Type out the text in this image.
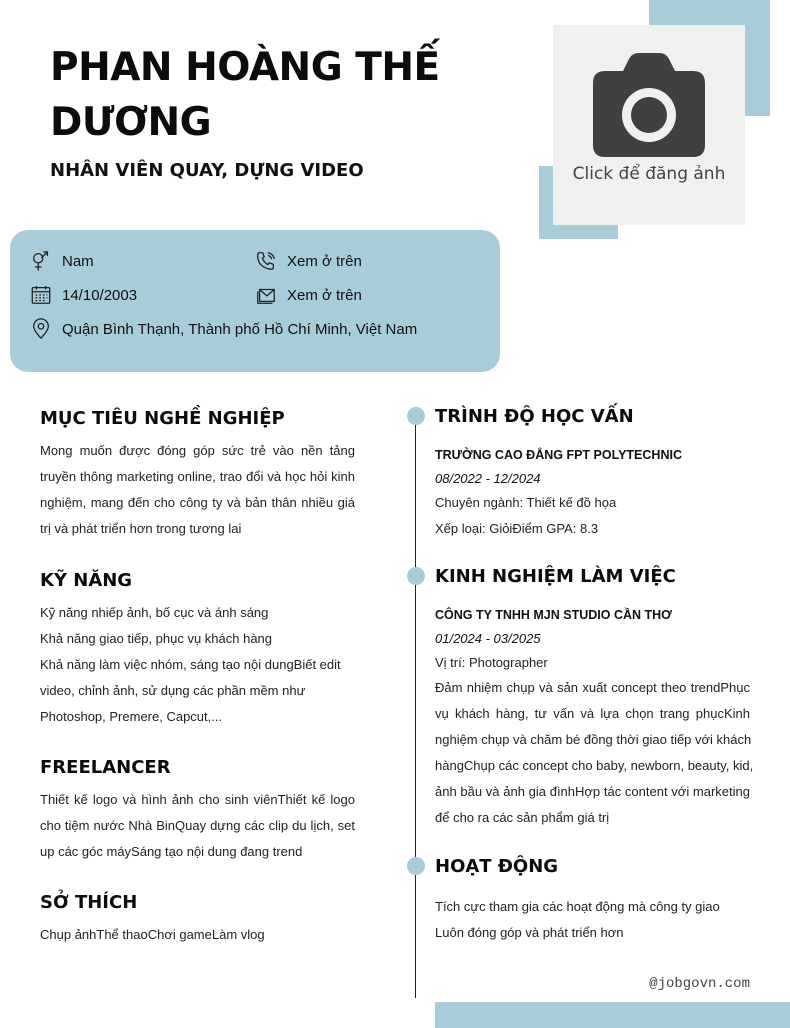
Click để đăng ảnh
PHAN HOÀNG THẾ
DƯƠNG
NHÂN VIÊN QUAY, DỰNG VIDEO
Nam	Xem ở trên
14/10/2003	Xem ở trên
Quận Bình Thạnh, Thành phố Hồ Chí Minh, Việt Nam
MỤC TIÊU NGHỀ NGHIỆP
Mong muốn được đóng góp sức trẻ vào nền tảng
truyền thông marketing online, trao đổi và học hỏi kinh
nghiệm, mang đến cho công ty và bản thân nhiều giá
trị và phát triển hơn trong tương lai
KỸ NĂNG
Kỹ năng nhiếp ảnh, bố cục và ánh sáng
Khả năng giao tiếp, phục vụ khách hàng
Khả năng làm việc nhóm, sáng tạo nội dungBiết edit
video, chỉnh ảnh, sử dụng các phần mềm như
Photoshop, Premere, Capcut,...
FREELANCER
Thiết kế logo và hình ảnh cho sinh viênThiết kế logo
cho tiệm nước Nhà BinQuay dựng các clip du lịch, set
up các góc máySáng tạo nội dung đang trend
SỞ THÍCH
Chụp ảnhThể thaoChơi gameLàm vlog
TRÌNH ĐỘ HỌC VẤN
TRƯỜNG CAO ĐẲNG FPT POLYTECHNIC
08/2022 - 12/2024
Chuyên ngành: Thiết kế đồ họa
Xếp loại: GiỏiĐiểm GPA: 8.3
KINH NGHIỆM LÀM VIỆC
CÔNG TY TNHH MJN STUDIO CẦN THƠ
01/2024 - 03/2025
Vị trí: Photographer
Đảm nhiệm chụp và sản xuất concept theo trendPhục
vụ khách hàng, tư vấn và lựa chọn trang phụcKinh
nghiệm chụp và chăm bé đồng thời giao tiếp với khách
hàngChụp các concept cho baby, newborn, beauty, kid,
ảnh bầu và ảnh gia đìnhHợp tác content với marketing
để cho ra các sản phẩm giá trị
HOẠT ĐỘNG
Tích cực tham gia các hoạt động mà công ty giao
Luôn đóng góp và phát triển hơn
@jobgovn.com
